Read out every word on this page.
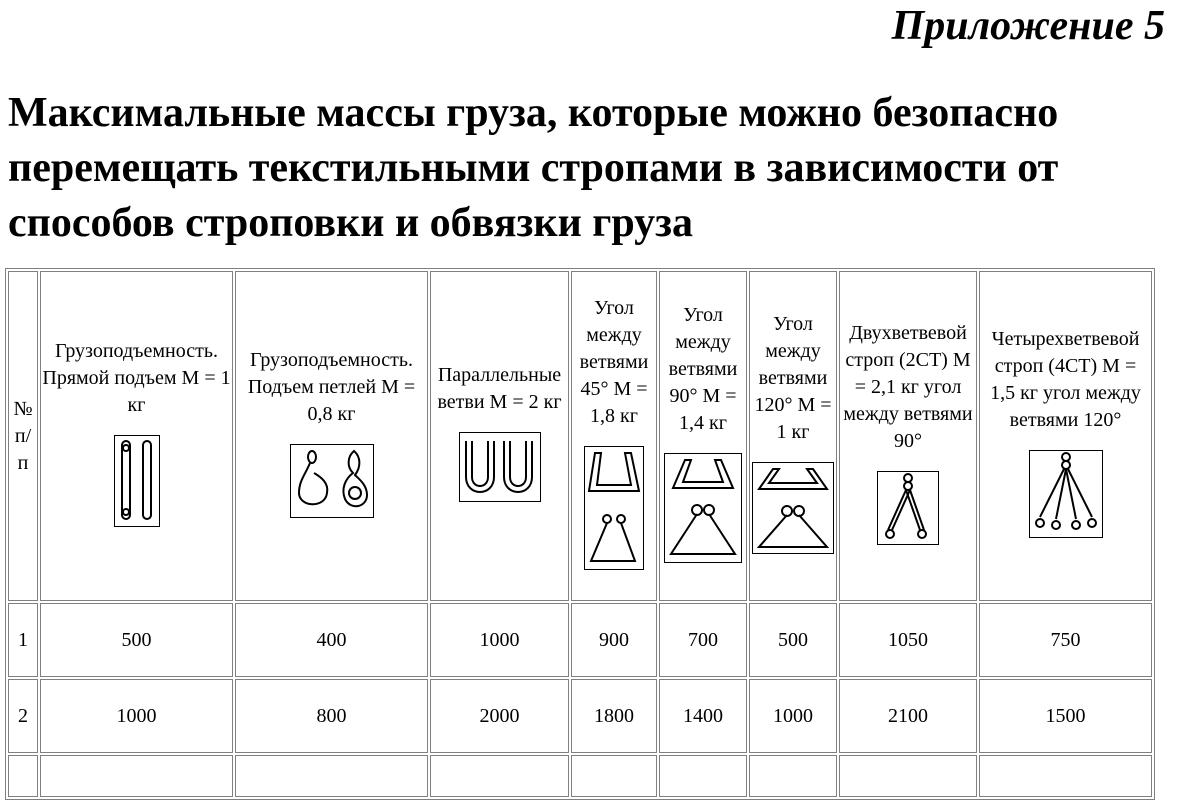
Приложение 5
Максимальные массы груза, которые можно безопасно перемещать текстильными стропами в зависимости от способов строповки и обвязки груза
№ п/ п	Грузоподъемность. Прямой подъем М = 1 кг	Грузоподъемность. Подъем петлей М = 0,8 кг	Параллельные ветви М = 2 кг	Угол между ветвями 45° М = 1,8 кг	Угол между ветвями 90° М = 1,4 кг	Угол между ветвями 120° М = 1 кг	Двухветвевой строп (2СТ) М = 2,1 кг угол между ветвями 90°	Четырехветвевой строп (4СТ) М = 1,5 кг угол между ветвями 120°

1	500	400	1000	900	700	500	1050	750
2	1000	800	2000	1800	1400	1000	2100	1500
